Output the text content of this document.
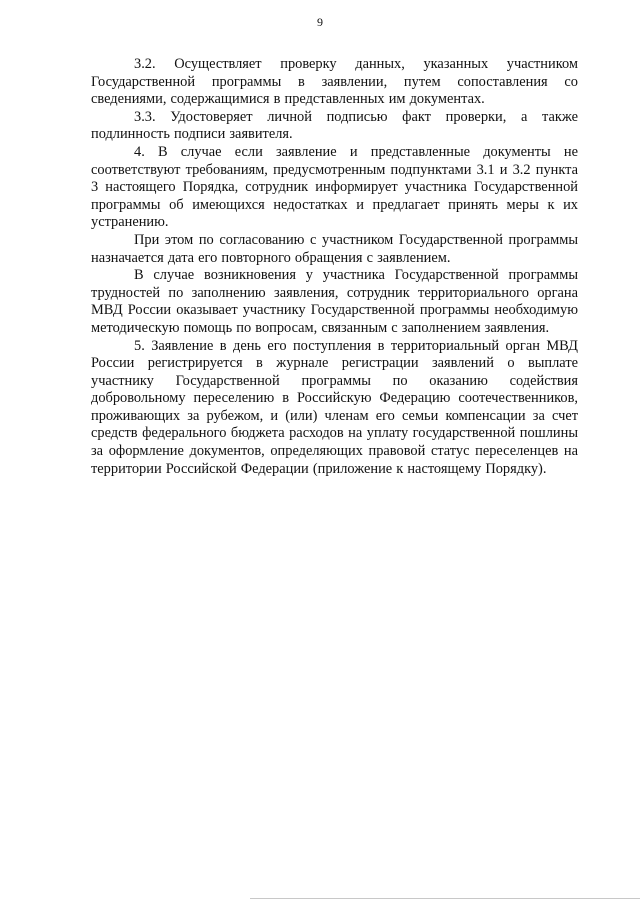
9

3.2. Осуществляет проверку данных, указанных участником Государственной программы в заявлении, путем сопоставления со сведениями, содержащимися в представленных им документах.

3.3. Удостоверяет личной подписью факт проверки, а также подлинность подписи заявителя.

4. В случае если заявление и представленные документы не соответствуют требованиям, предусмотренным подпунктами 3.1 и 3.2 пункта 3 настоящего Порядка, сотрудник информирует участника Государственной программы об имеющихся недостатках и предлагает принять меры к их устранению.

При этом по согласованию с участником Государственной программы назначается дата его повторного обращения с заявлением.

В случае возникновения у участника Государственной программы трудностей по заполнению заявления, сотрудник территориального органа МВД России оказывает участнику Государственной программы необходимую методическую помощь по вопросам, связанным с заполнением заявления.

5. Заявление в день его поступления в территориальный орган МВД России регистрируется в журнале регистрации заявлений о выплате участнику Государственной программы по оказанию содействия добровольному переселению в Российскую Федерацию соотечественников, проживающих за рубежом, и (или) членам его семьи компенсации за счет средств федерального бюджета расходов на уплату государственной пошлины за оформление документов, определяющих правовой статус переселенцев на территории Российской Федерации (приложение к настоящему Порядку).
